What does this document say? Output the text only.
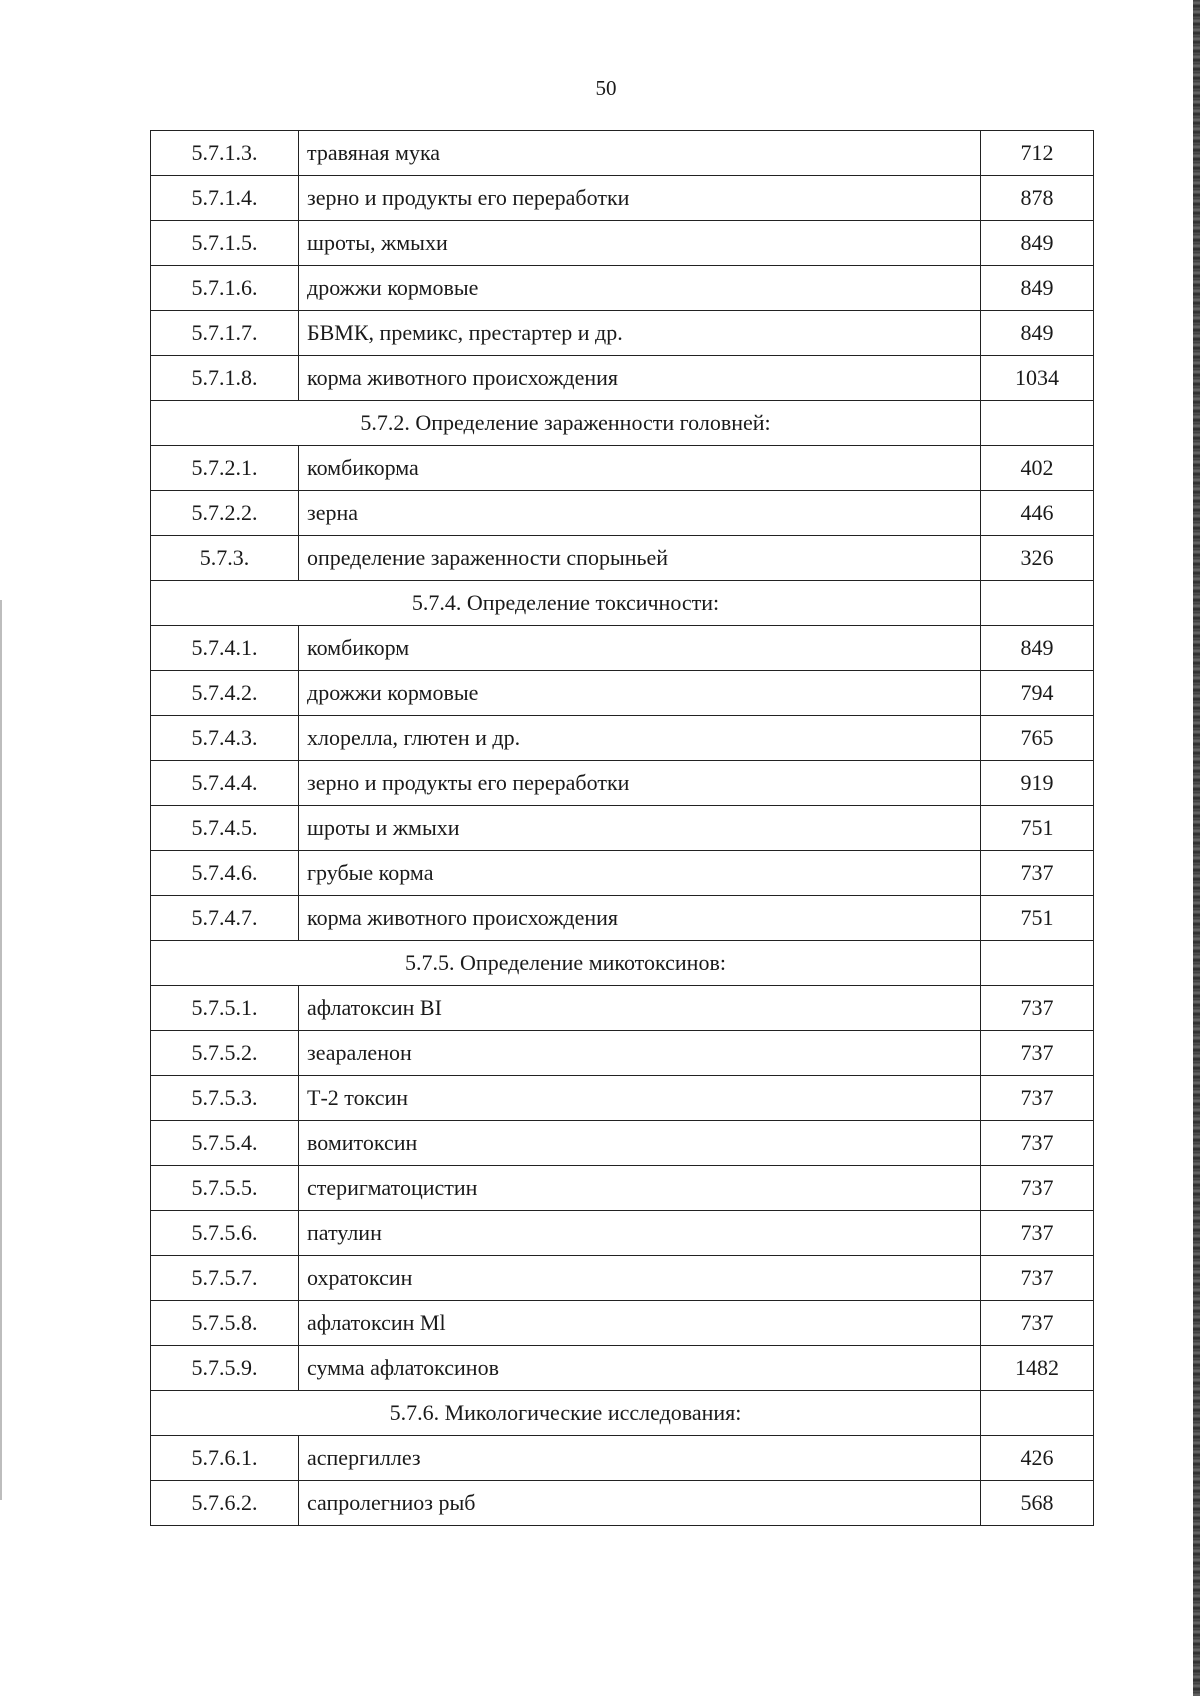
50
5.7.1.3.	травяная мука	712
5.7.1.4.	зерно и продукты его переработки	878
5.7.1.5.	шроты, жмыхи	849
5.7.1.6.	дрожжи кормовые	849
5.7.1.7.	БВМК, премикс, престартер и др.	849
5.7.1.8.	корма животного происхождения	1034
5.7.2. Определение зараженности головней:		
5.7.2.1.	комбикорма	402
5.7.2.2.	зерна	446
5.7.3.	определение зараженности спорыньей	326
5.7.4. Определение токсичности:		
5.7.4.1.	комбикорм	849
5.7.4.2.	дрожжи кормовые	794
5.7.4.3.	хлорелла, глютен и др.	765
5.7.4.4.	зерно и продукты его переработки	919
5.7.4.5.	шроты и жмыхи	751
5.7.4.6.	грубые корма	737
5.7.4.7.	корма животного происхождения	751
5.7.5. Определение микотоксинов:		
5.7.5.1.	афлатоксин BI	737
5.7.5.2.	зеараленон	737
5.7.5.3.	Т-2 токсин	737
5.7.5.4.	вомитоксин	737
5.7.5.5.	стеригматоцистин	737
5.7.5.6.	патулин	737
5.7.5.7.	охратоксин	737
5.7.5.8.	афлатоксин Ml	737
5.7.5.9.	сумма афлатоксинов	1482
5.7.6. Микологические исследования:		
5.7.6.1.	аспергиллез	426
5.7.6.2.	сапролегниоз рыб	568
